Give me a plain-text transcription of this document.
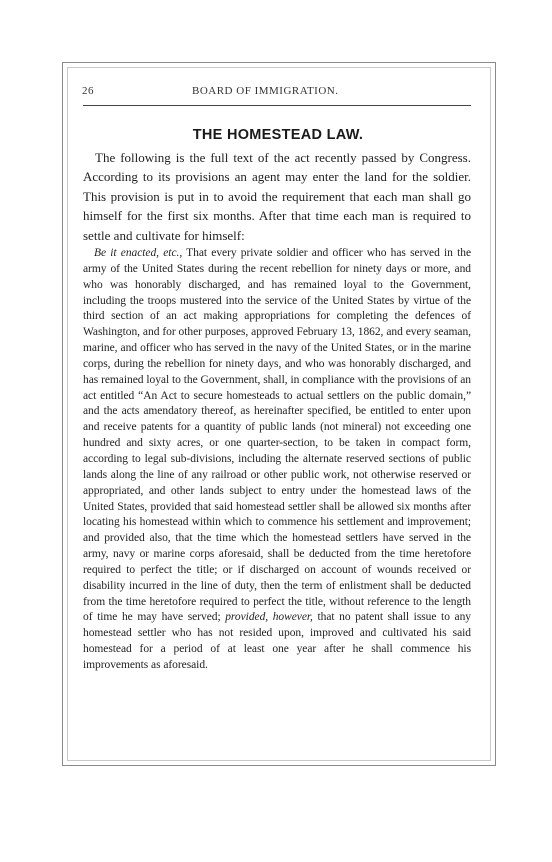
26	BOARD OF IMMIGRATION.
THE HOMESTEAD LAW.

The following is the full text of the act recently passed by Congress. According to its provisions an agent may enter the land for the soldier. This provision is put in to avoid the requirement that each man shall go himself for the first six months. After that time each man is required to settle and cultivate for himself:

Be it enacted, etc., That every private soldier and officer who has served in the army of the United States during the recent rebellion for ninety days or more, and who was honorably discharged, and has remained loyal to the Government, including the troops mustered into the service of the United States by virtue of the third section of an act making appropriations for completing the defences of Washington, and for other purposes, approved February 13, 1862, and every seaman, marine, and officer who has served in the navy of the United States, or in the marine corps, during the rebellion for ninety days, and who was honorably discharged, and has remained loyal to the Government, shall, in compliance with the provisions of an act entitled “An Act to secure homesteads to actual settlers on the public domain,” and the acts amendatory thereof, as hereinafter specified, be entitled to enter upon and receive patents for a quantity of public lands (not mineral) not exceeding one hundred and sixty acres, or one quarter-section, to be taken in compact form, according to legal sub-divisions, including the alternate reserved sections of public lands along the line of any railroad or other public work, not otherwise reserved or appropriated, and other lands subject to entry under the homestead laws of the United States, provided that said homestead settler shall be allowed six months after locating his homestead within which to commence his settlement and improvement; and provided also, that the time which the homestead settlers have served in the army, navy or marine corps aforesaid, shall be deducted from the time heretofore required to perfect the title; or if discharged on account of wounds received or disability incurred in the line of duty, then the term of enlistment shall be deducted from the time heretofore required to perfect the title, without reference to the length of time he may have served; provided, however, that no patent shall issue to any homestead settler who has not resided upon, improved and cultivated his said homestead for a period of at least one year after he shall commence his improvements as aforesaid.
